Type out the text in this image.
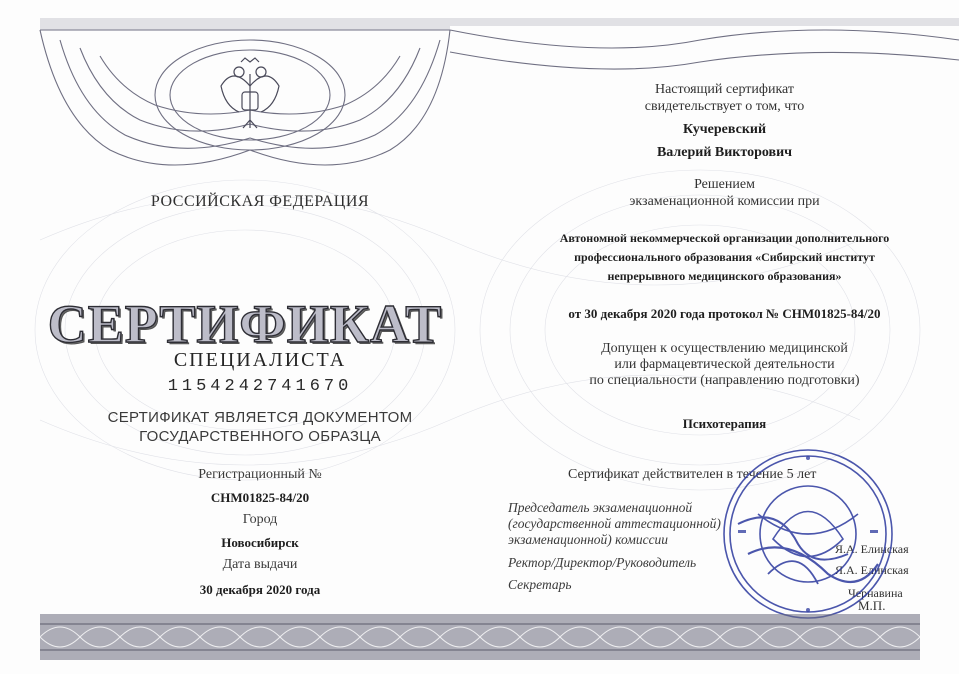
РОССИЙСКАЯ ФЕДЕРАЦИЯ
СЕРТИФИКАТ
СПЕЦИАЛИСТА
1154242741670
СЕРТИФИКАТ ЯВЛЯЕТСЯ ДОКУМЕНТОМ
ГОСУДАРСТВЕННОГО ОБРАЗЦА
Регистрационный №
СНМ01825-84/20
Город
Новосибирск
Дата выдачи
30 декабря 2020 года
Настоящий сертификат
свидетельствует о том, что
Кучеревский
Валерий Викторович
Решением
экзаменационной комиссии при
Автономной некоммерческой организации дополнительного
профессионального образования «Сибирский институт
непрерывного медицинского образования»
от 30 декабря 2020 года протокол № СНМ01825-84/20
Допущен к осуществлению медицинской
или фармацевтической деятельности
по специальности (направлению подготовки)
Психотерапия
Сертификат действителен в течение 5 лет
Председатель экзаменационной
(государственной аттестационной)
экзаменационной) комиссии
Ректор/Директор/Руководитель
Секретарь
Я.А. Елинская
Я.А. Елинская
Чернавина
М.П.
